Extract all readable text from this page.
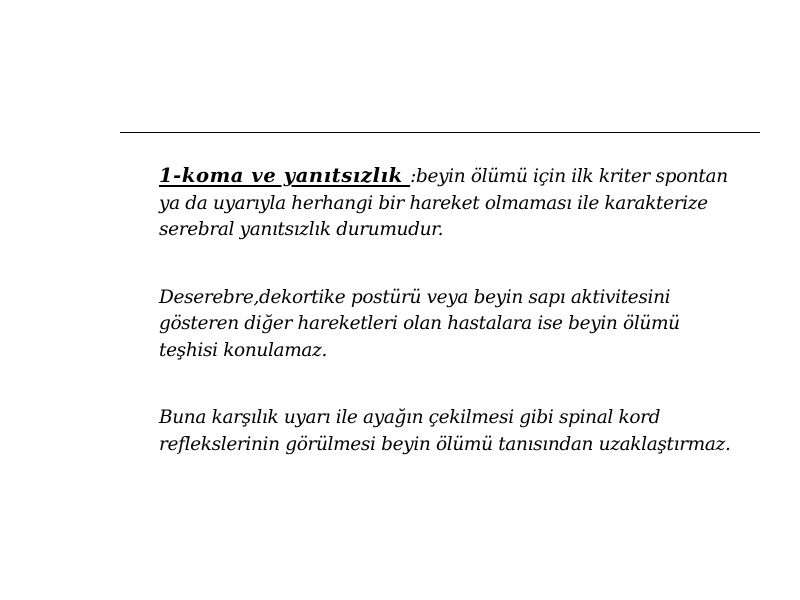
1-koma ve yanıtsızlık :beyin ölümü için ilk kriter spontan ya da uyarıyla herhangi bir hareket olmaması ile karakterize serebral yanıtsızlık durumudur.

Deserebre,dekortike postürü veya beyin sapı aktivitesini gösteren diğer hareketleri olan hastalara ise beyin ölümü teşhisi konulamaz.

Buna karşılık uyarı ile ayağın çekilmesi gibi spinal kord reflekslerinin görülmesi beyin ölümü tanısından uzaklaştırmaz.
